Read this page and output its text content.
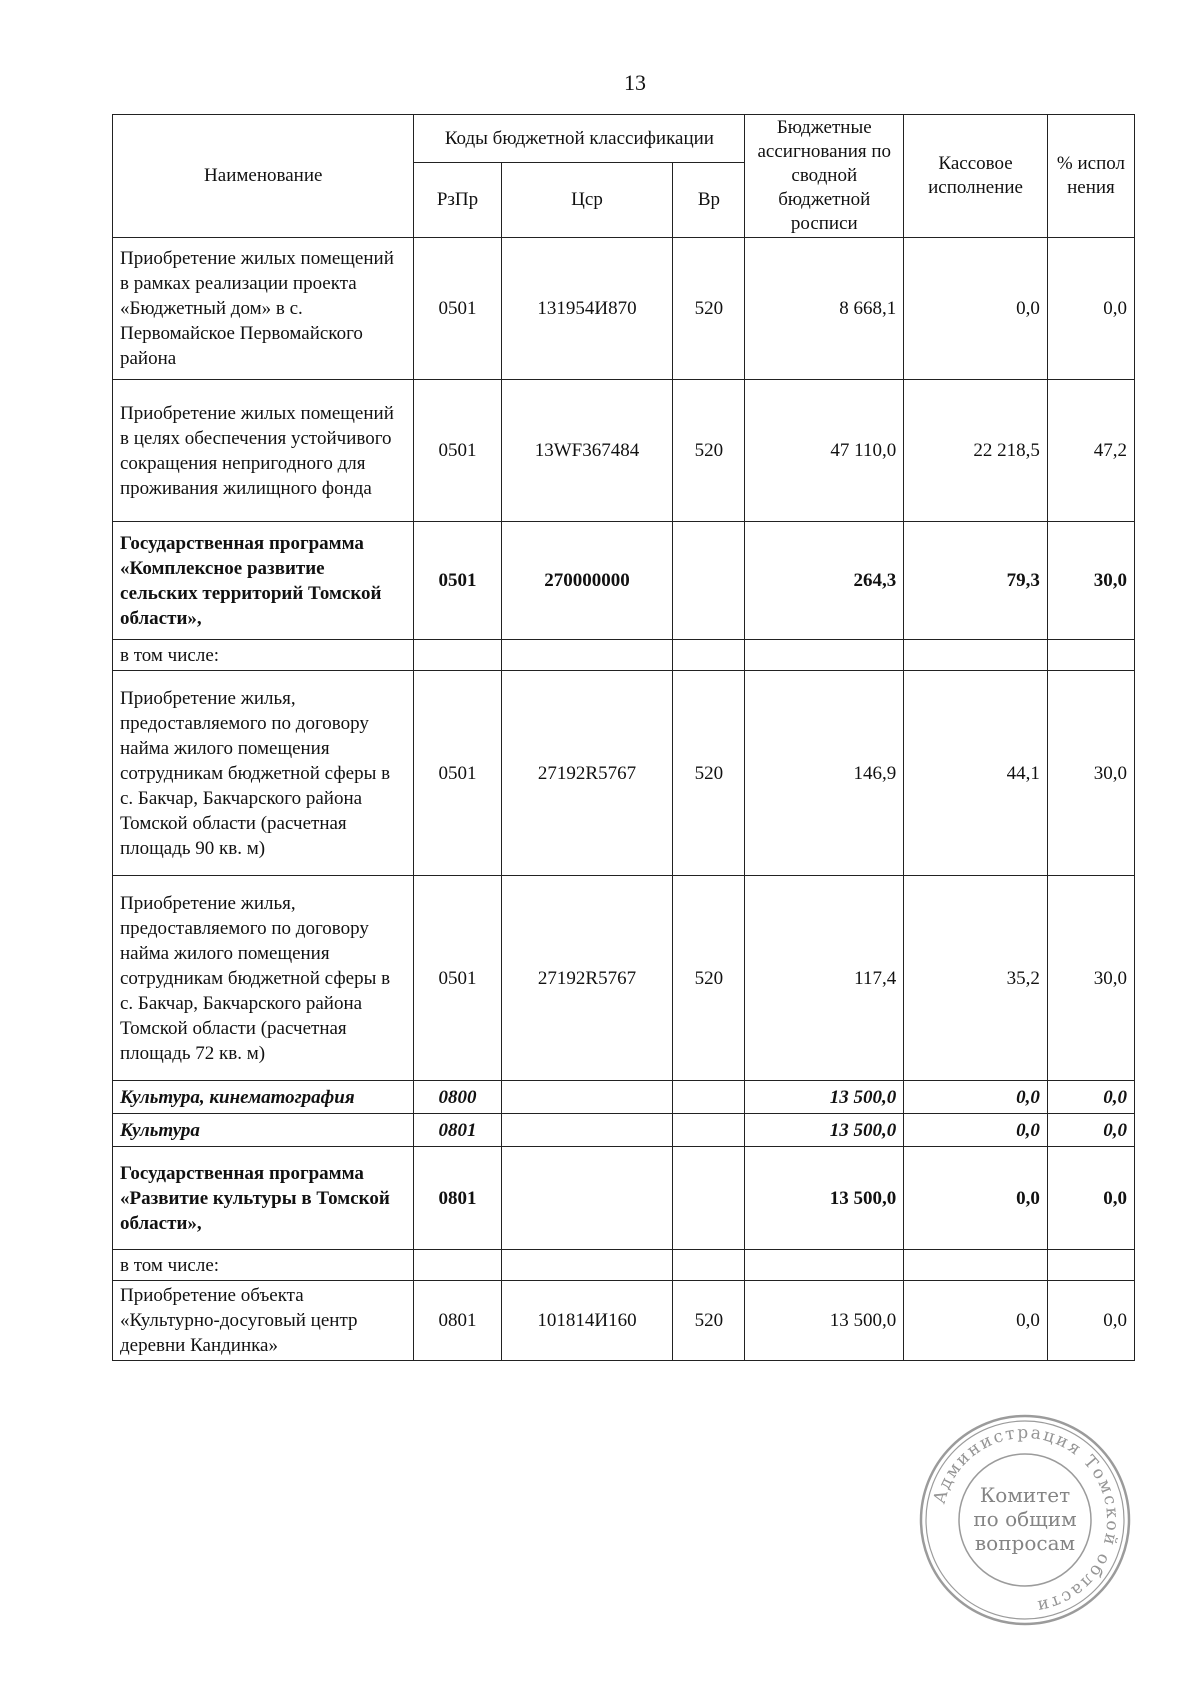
13
Наименование	Коды бюджетной классификации			Бюджетные ассигнования по сводной бюджетной росписи	Кассовое исполнение	% испол нения
	РзПр	Цср	Вр			
Приобретение жилых помещений в рамках реализации проекта «Бюджетный дом» в с. Первомайское Первомайского района	0501	131954И870	520	8 668,1	0,0	0,0
Приобретение жилых помещений в целях обеспечения устойчивого сокращения непригодного для проживания жилищного фонда	0501	13WF367484	520	47 110,0	22 218,5	47,2
Государственная программа «Комплексное развитие сельских территорий Томской области»,	0501	270000000		264,3	79,3	30,0
в том числе:						
Приобретение жилья, предоставляемого по договору найма жилого помещения сотрудникам бюджетной сферы в с. Бакчар, Бакчарского района Томской области (расчетная площадь 90 кв. м)	0501	27192R5767	520	146,9	44,1	30,0
Приобретение жилья, предоставляемого по договору найма жилого помещения сотрудникам бюджетной сферы в с. Бакчар, Бакчарского района Томской области (расчетная площадь 72 кв. м)	0501	27192R5767	520	117,4	35,2	30,0
Культура, кинематография	0800			13 500,0	0,0	0,0
Культура	0801			13 500,0	0,0	0,0
Государственная программа «Развитие культуры в Томской области»,	0801			13 500,0	0,0	0,0
в том числе:						
Приобретение объекта «Культурно-досуговый центр деревни Кандинка»	0801	101814И160	520	13 500,0	0,0	0,0
Администрация Томской области
Комитет
по общим
вопросам
